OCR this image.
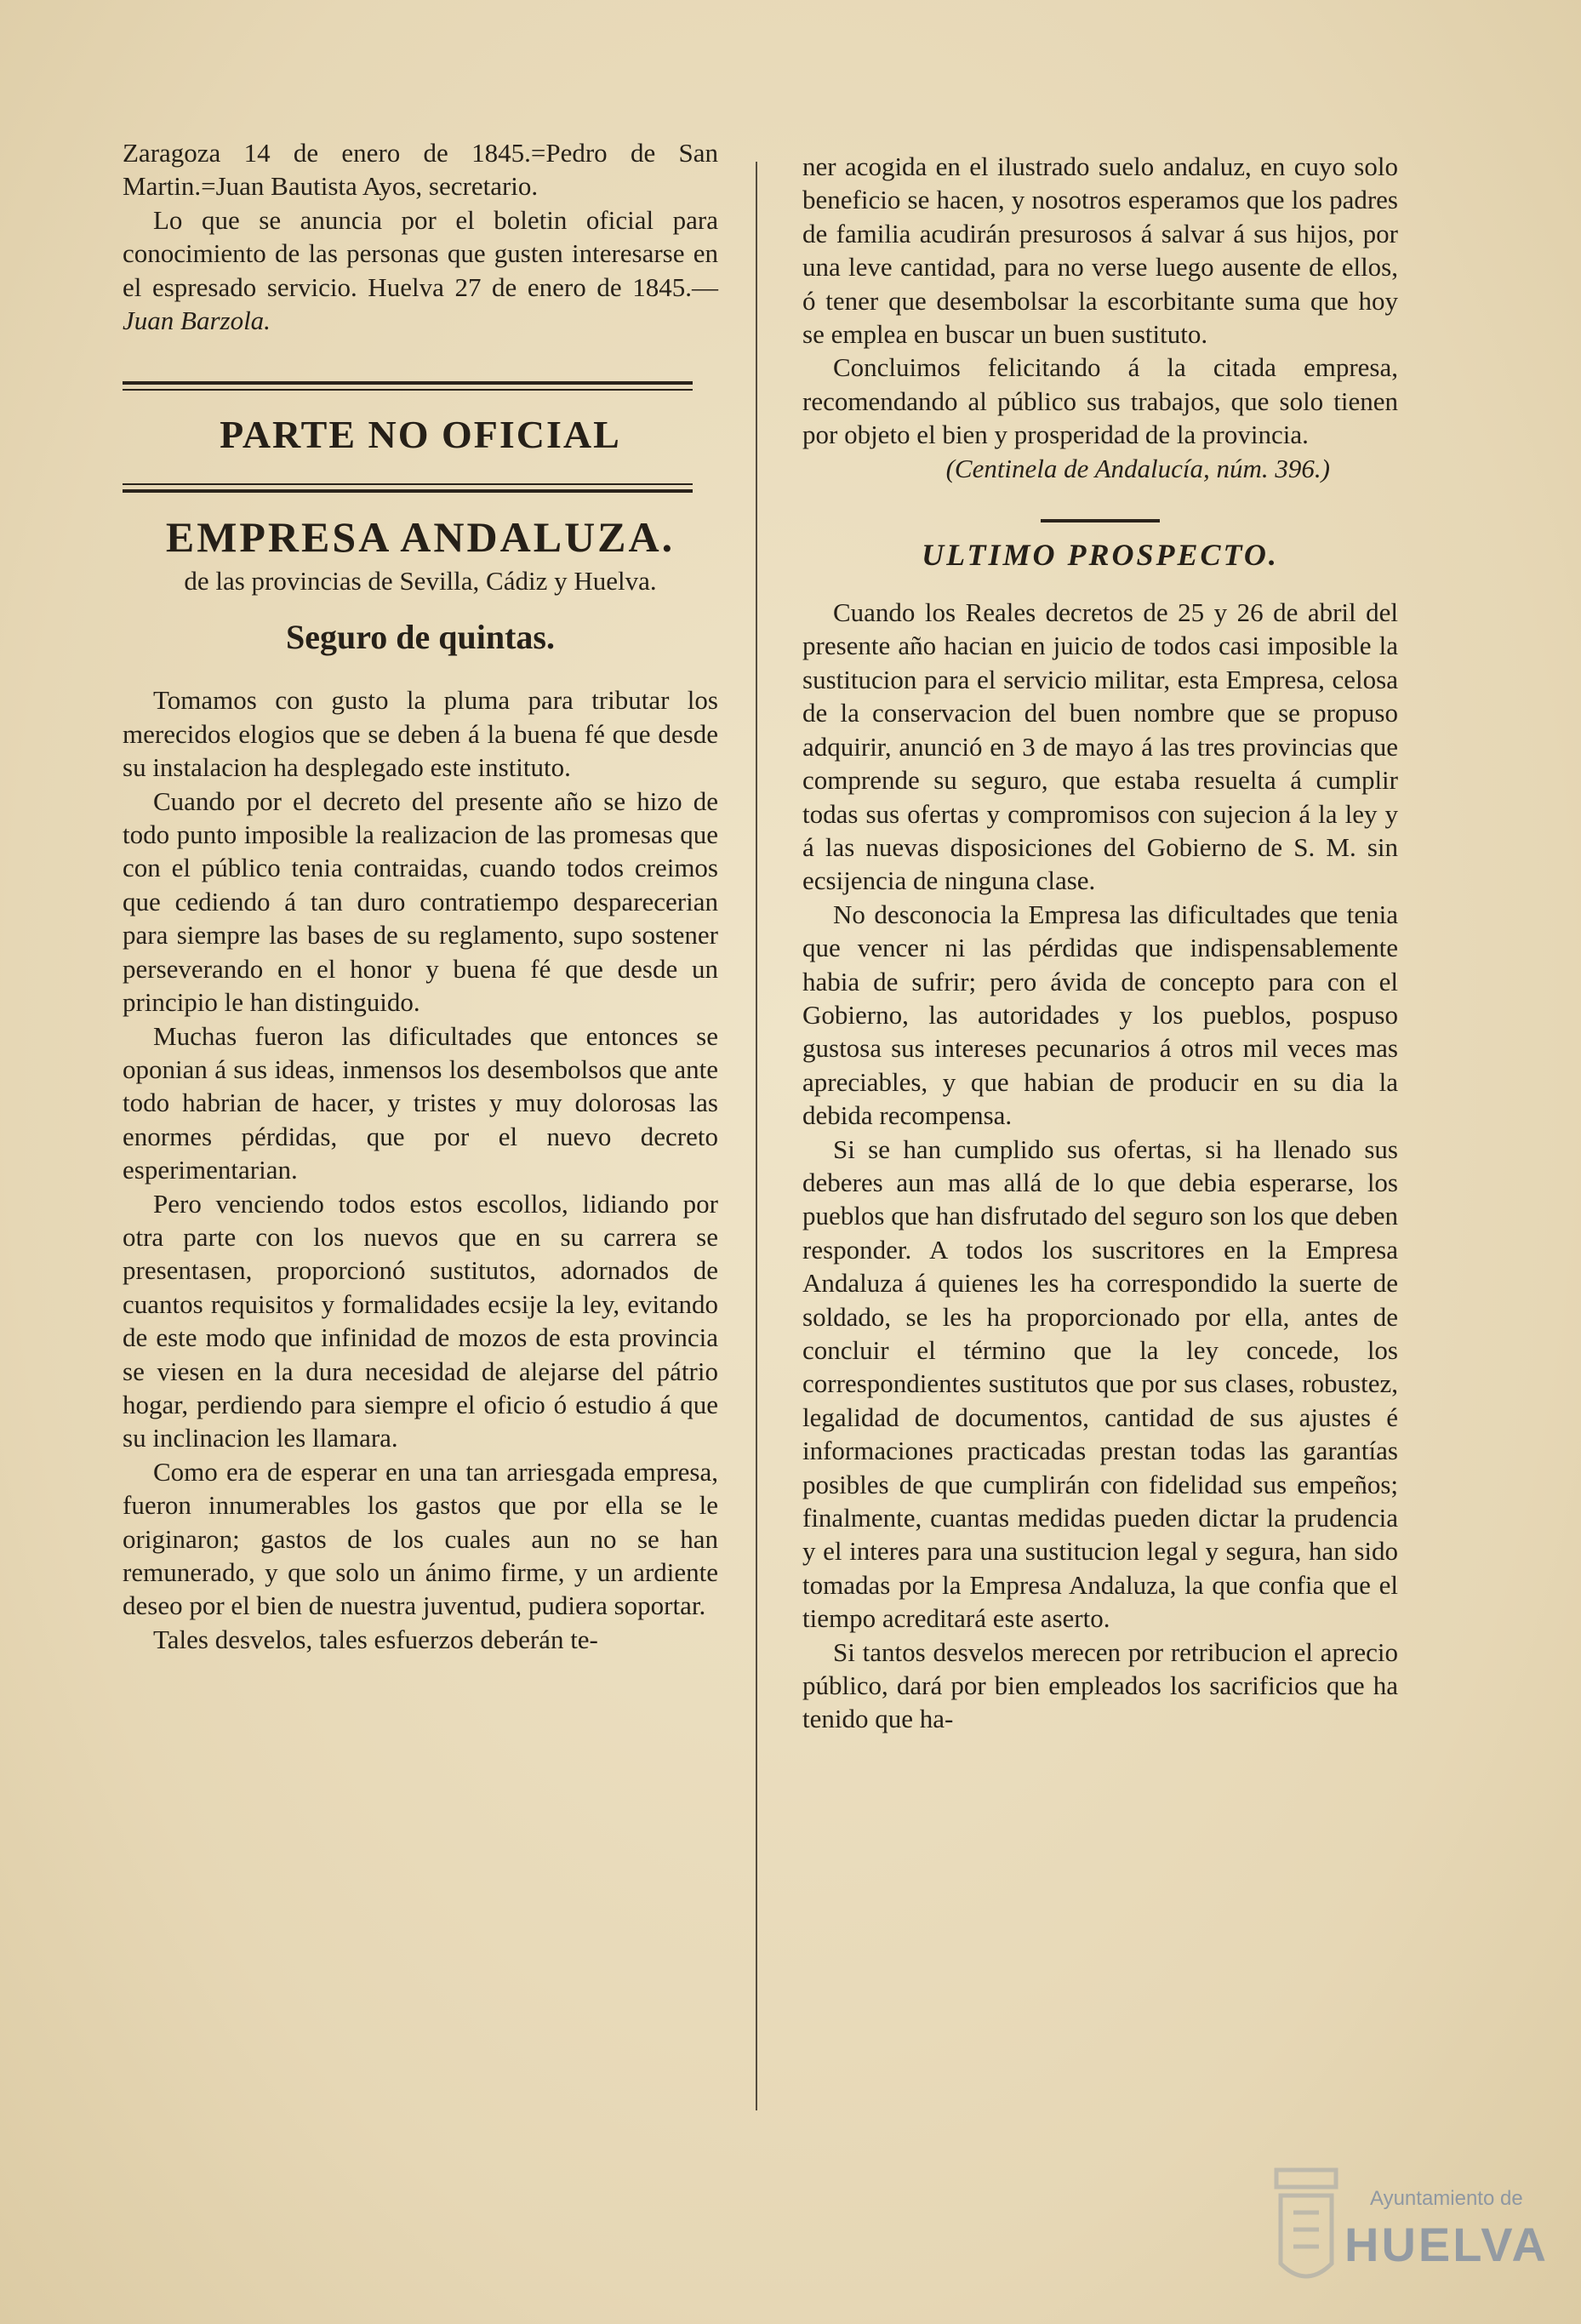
Zaragoza 14 de enero de 1845.=Pedro de San Martin.=Juan Bautista Ayos, secretario.

Lo que se anuncia por el boletin oficial para conocimiento de las personas que gusten interesarse en el espresado servicio. Huelva 27 de enero de 1845.—Juan Barzola.

PARTE NO OFICIAL
EMPRESA ANDALUZA.
de las provincias de Sevilla, Cádiz y Huelva.
Seguro de quintas.

Tomamos con gusto la pluma para tributar los merecidos elogios que se deben á la buena fé que desde su instalacion ha desplegado este instituto.

Cuando por el decreto del presente año se hizo de todo punto imposible la realizacion de las promesas que con el público tenia contraidas, cuando todos creimos que cediendo á tan duro contratiempo desparecerian para siempre las bases de su reglamento, supo sostener perseverando en el honor y buena fé que desde un principio le han distinguido.

Muchas fueron las dificultades que entonces se oponian á sus ideas, inmensos los desembolsos que ante todo habrian de hacer, y tristes y muy dolorosas las enormes pérdidas, que por el nuevo decreto esperimentarian.

Pero venciendo todos estos escollos, lidiando por otra parte con los nuevos que en su carrera se presentasen, proporcionó sustitutos, adornados de cuantos requisitos y formalidades ecsije la ley, evitando de este modo que infinidad de mozos de esta provincia se viesen en la dura necesidad de alejarse del pátrio hogar, perdiendo para siempre el oficio ó estudio á que su inclinacion les llamara.

Como era de esperar en una tan arriesgada empresa, fueron innumerables los gastos que por ella se le originaron; gastos de los cuales aun no se han remunerado, y que solo un ánimo firme, y un ardiente deseo por el bien de nuestra juventud, pudiera soportar.

Tales desvelos, tales esfuerzos deberán te-

ner acogida en el ilustrado suelo andaluz, en cuyo solo beneficio se hacen, y nosotros esperamos que los padres de familia acudirán presurosos á salvar á sus hijos, por una leve cantidad, para no verse luego ausente de ellos, ó tener que desembolsar la escorbitante suma que hoy se emplea en buscar un buen sustituto.

Concluimos felicitando á la citada empresa, recomendando al público sus trabajos, que solo tienen por objeto el bien y prosperidad de la provincia.

(Centinela de Andalucía, núm. 396.)

ULTIMO PROSPECTO.

Cuando los Reales decretos de 25 y 26 de abril del presente año hacian en juicio de todos casi imposible la sustitucion para el servicio militar, esta Empresa, celosa de la conservacion del buen nombre que se propuso adquirir, anunció en 3 de mayo á las tres provincias que comprende su seguro, que estaba resuelta á cumplir todas sus ofertas y compromisos con sujecion á la ley y á las nuevas disposiciones del Gobierno de S. M. sin ecsijencia de ninguna clase.

No desconocia la Empresa las dificultades que tenia que vencer ni las pérdidas que indispensablemente habia de sufrir; pero ávida de concepto para con el Gobierno, las autoridades y los pueblos, pospuso gustosa sus intereses pecunarios á otros mil veces mas apreciables, y que habian de producir en su dia la debida recompensa.

Si se han cumplido sus ofertas, si ha llenado sus deberes aun mas allá de lo que debia esperarse, los pueblos que han disfrutado del seguro son los que deben responder. A todos los suscritores en la Empresa Andaluza á quienes les ha correspondido la suerte de soldado, se les ha proporcionado por ella, antes de concluir el término que la ley concede, los correspondientes sustitutos que por sus clases, robustez, legalidad de documentos, cantidad de sus ajustes é informaciones practicadas prestan todas las garantías posibles de que cumplirán con fidelidad sus empeños; finalmente, cuantas medidas pueden dictar la prudencia y el interes para una sustitucion legal y segura, han sido tomadas por la Empresa Andaluza, la que confia que el tiempo acreditará este aserto.

Si tantos desvelos merecen por retribucion el aprecio público, dará por bien empleados los sacrificios que ha tenido que ha-

Ayuntamiento de
HUELVA
